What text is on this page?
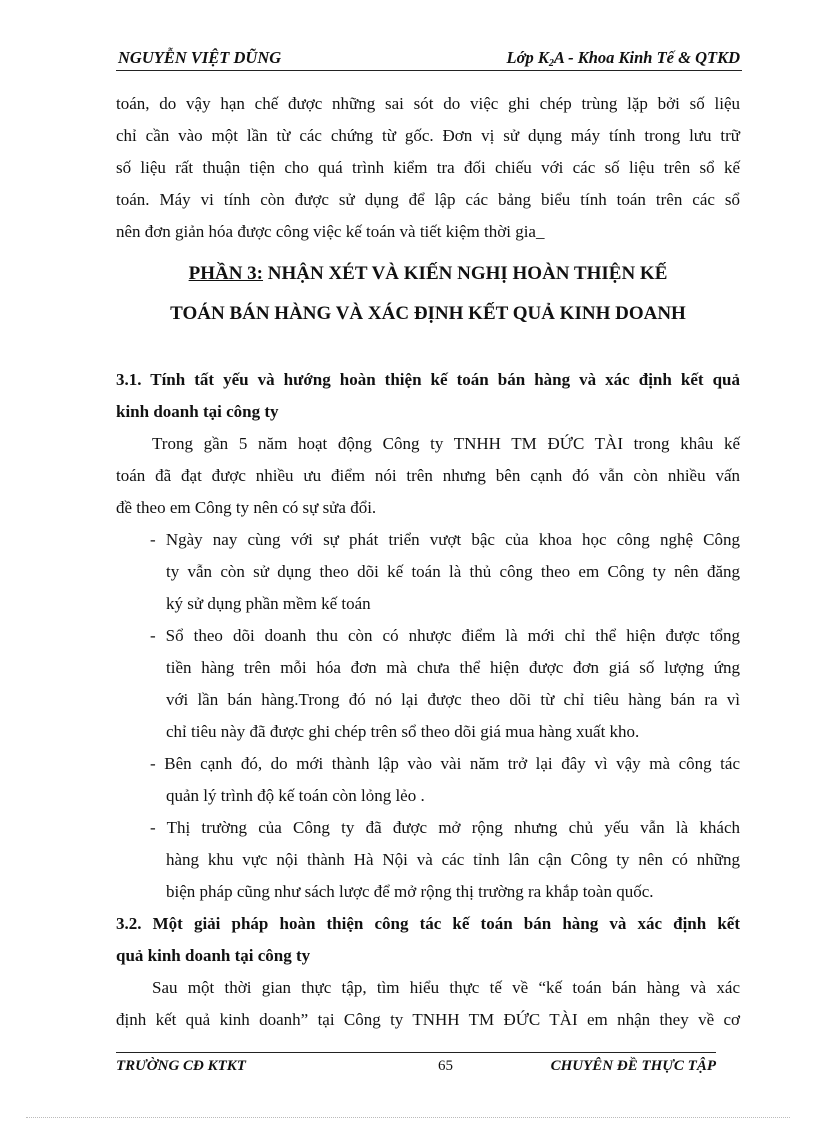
NGUYỄN VIỆT DŨNG	Lớp $K_2A$ - Khoa Kinh Tế & QTKD
toán, do vậy hạn chế được những sai sót do việc ghi chép trùng lặp bởi số liệu
chỉ cần vào một lần từ các chứng từ gốc. Đơn vị sử dụng máy tính trong lưu trữ
số liệu rất thuận tiện cho quá trình kiểm tra đối chiếu với các số liệu trên sổ kế
toán. Máy vi tính còn được sử dụng để lập các bảng biểu tính toán trên các sổ
nên đơn giản hóa được công việc kế toán và tiết kiệm thời gia_

PHẦN 3: NHẬN XÉT VÀ KIẾN NGHỊ HOÀN THIỆN KẾ

TOÁN BÁN HÀNG VÀ XÁC ĐỊNH KẾT QUẢ KINH DOANH

3.1. Tính tất yếu và hướng hoàn thiện kế toán bán hàng và xác định kết quả
kinh doanh tại công ty
Trong gần 5 năm hoạt động Công ty TNHH TM ĐỨC TÀI trong khâu kế
toán đã đạt được nhiều ưu điểm nói trên nhưng bên cạnh đó vẫn còn nhiều vấn
đề theo em Công ty nên có sự sửa đổi.
- Ngày nay cùng với sự phát triển vượt bậc của khoa học công nghệ Công
ty vẫn còn sử dụng theo dõi kế toán là thủ công theo em Công ty nên đăng
ký sử dụng phần mềm kế toán
- Sổ theo dõi doanh thu còn có nhược điểm là mới chỉ thể hiện được tổng
tiền hàng trên mỗi hóa đơn mà chưa thể hiện được đơn giá số lượng ứng
với lần bán hàng.Trong đó nó lại được theo dõi từ chỉ tiêu hàng bán ra vì
chỉ tiêu này đã được ghi chép trên sổ theo dõi giá mua hàng xuất kho.
- Bên cạnh đó, do mới thành lập vào vài năm trở lại đây vì vậy mà công tác
quản lý trình độ kế toán còn lỏng lẻo .
- Thị trường của Công ty đã được mở rộng nhưng chủ yếu vẫn là khách
hàng khu vực nội thành Hà Nội và các tỉnh lân cận Công ty nên có những
biện pháp cũng như sách lược để mở rộng thị trường ra khắp toàn quốc.
3.2. Một giải pháp hoàn thiện công tác kế toán bán hàng và xác định kết
quả kinh doanh tại công ty
Sau một thời gian thực tập, tìm hiểu thực tế về “kế toán bán hàng và xác
định kết quả kinh doanh” tại Công ty TNHH TM ĐỨC TÀI em nhận they về cơ
TRƯỜNG CĐ KTKT	65	CHUYÊN ĐỀ THỰC TẬP
